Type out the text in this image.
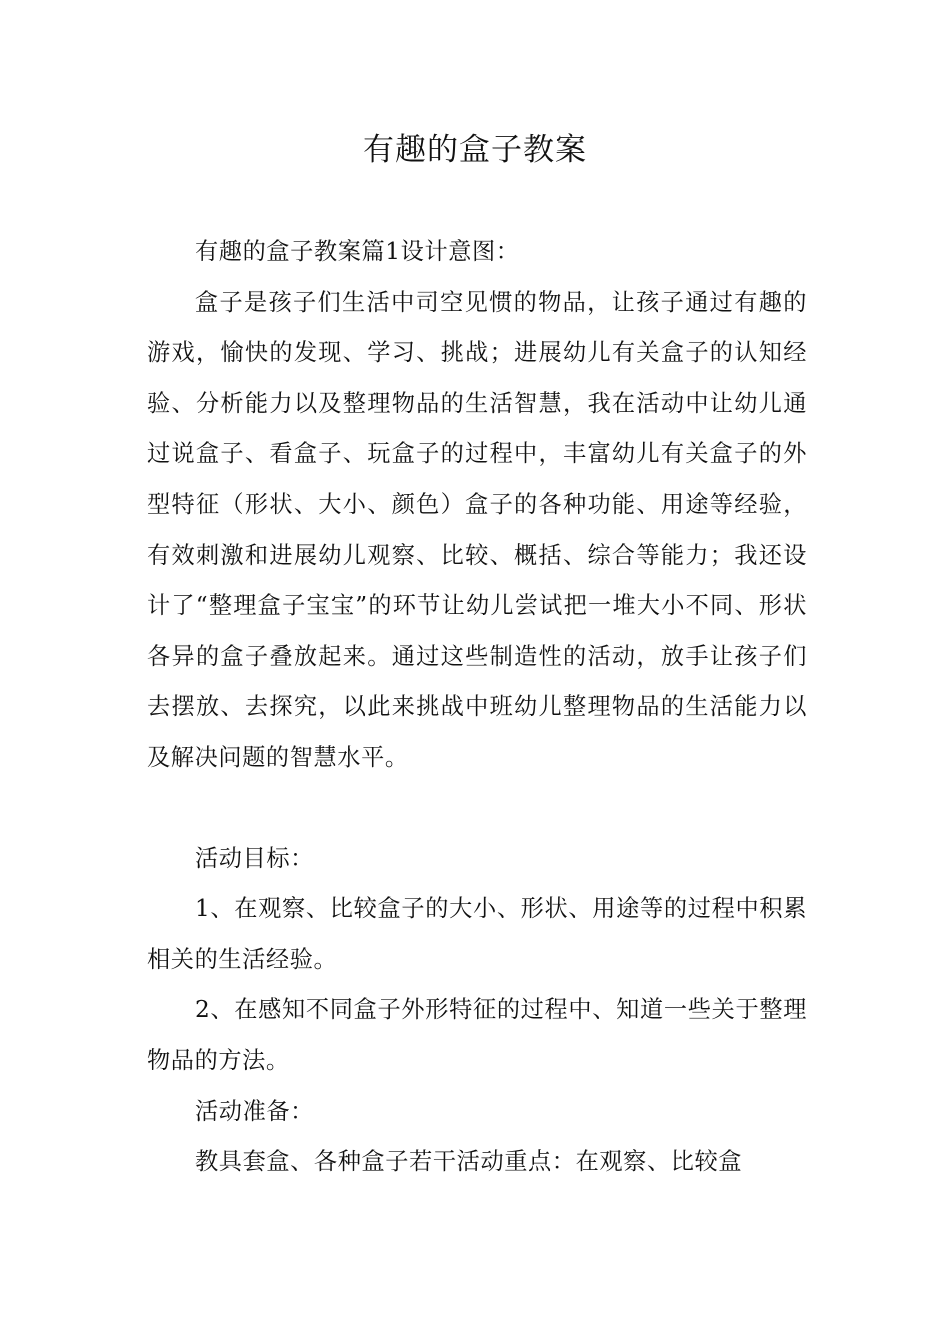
有趣的盒子教案

有趣的盒子教案篇1设计意图：

盒子是孩子们生活中司空见惯的物品，让孩子通过有趣的游戏，愉快的发现、学习、挑战；进展幼儿有关盒子的认知经验、分析能力以及整理物品的生活智慧，我在活动中让幼儿通过说盒子、看盒子、玩盒子的过程中，丰富幼儿有关盒子的外型特征（形状、大小、颜色）盒子的各种功能、用途等经验，有效刺激和进展幼儿观察、比较、概括、综合等能力；我还设计了“整理盒子宝宝”的环节让幼儿尝试把一堆大小不同、形状各异的盒子叠放起来。通过这些制造性的活动，放手让孩子们去摆放、去探究，以此来挑战中班幼儿整理物品的生活能力以及解决问题的智慧水平。

活动目标：

1、在观察、比较盒子的大小、形状、用途等的过程中积累相关的生活经验。

2、在感知不同盒子外形特征的过程中、知道一些关于整理物品的方法。

活动准备：

教具套盒、各种盒子若干活动重点：在观察、比较盒
